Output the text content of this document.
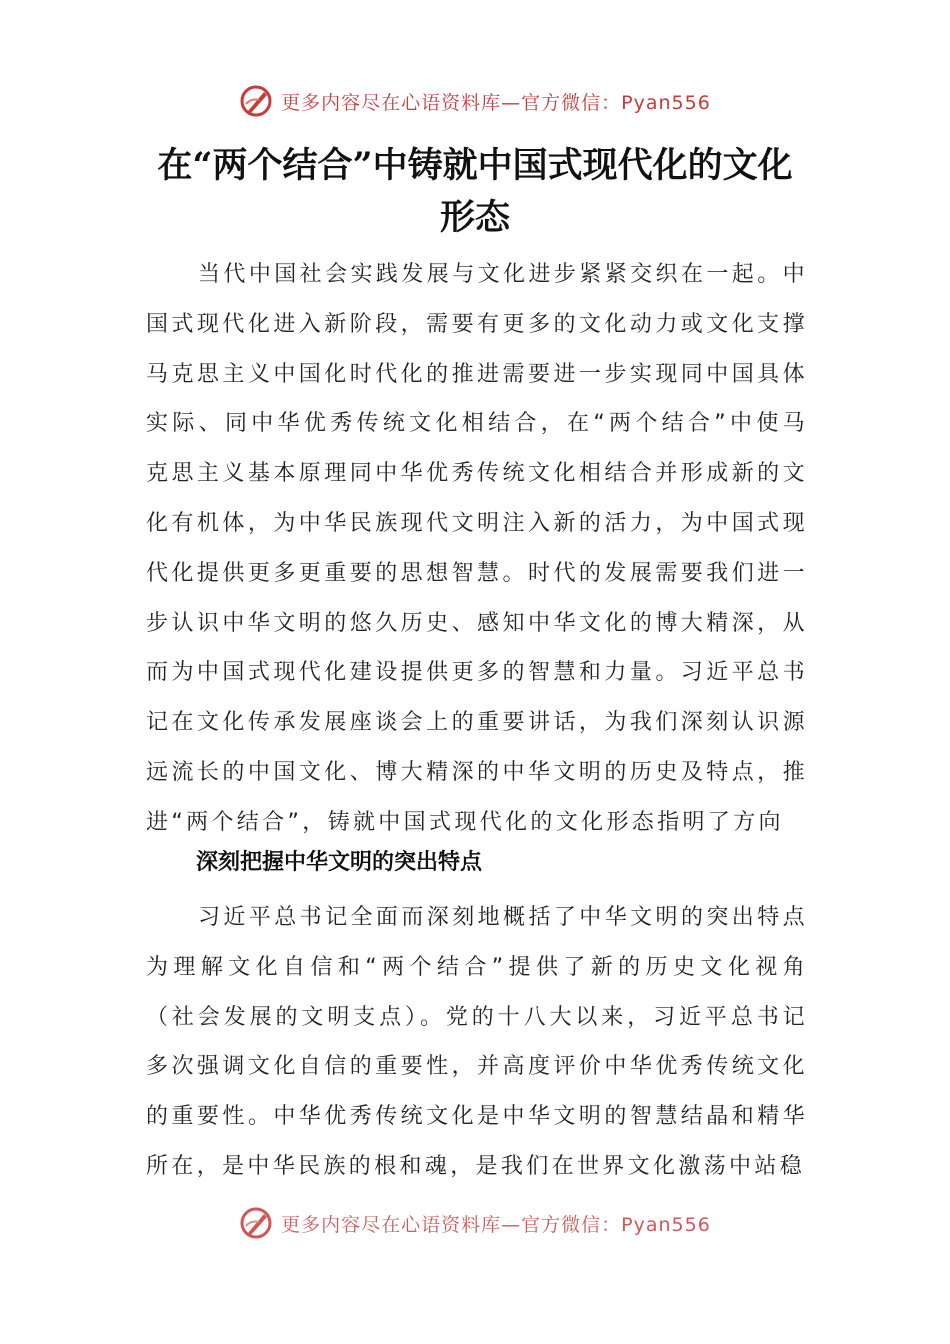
更多内容尽在心语资料库—官方微信：Pyan556
在“两个结合”中铸就中国式现代化的文化形态

当代中国社会实践发展与文化进步紧紧交织在一起。中国式现代化进入新阶段，需要有更多的文化动力或文化支撑马克思主义中国化时代化的推进需要进一步实现同中国具体实际、同中华优秀传统文化相结合，在“两个结合”中使马克思主义基本原理同中华优秀传统文化相结合并形成新的文化有机体，为中华民族现代文明注入新的活力，为中国式现代化提供更多更重要的思想智慧。时代的发展需要我们进一步认识中华文明的悠久历史、感知中华文化的博大精深，从而为中国式现代化建设提供更多的智慧和力量。习近平总书记在文化传承发展座谈会上的重要讲话，为我们深刻认识源远流长的中国文化、博大精深的中华文明的历史及特点，推进“两个结合”，铸就中国式现代化的文化形态指明了方向

深刻把握中华文明的突出特点

习近平总书记全面而深刻地概括了中华文明的突出特点为理解文化自信和“两个结合”提供了新的历史文化视角（社会发展的文明支点）。党的十八大以来，习近平总书记多次强调文化自信的重要性，并高度评价中华优秀传统文化的重要性。中华优秀传统文化是中华文明的智慧结晶和精华所在，是中华民族的根和魂，是我们在世界文化激荡中站稳

更多内容尽在心语资料库—官方微信：Pyan556
